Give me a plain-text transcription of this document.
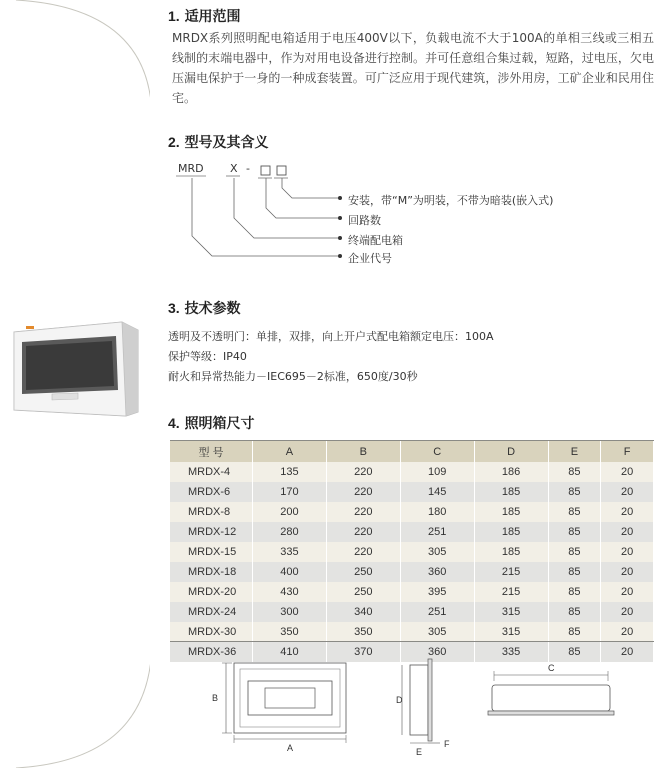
1. 适用范围
MRDX系列照明配电箱适用于电压400V以下，负载电流不大于100A的单相三线或三相五线制的末端电器中，作为对用电设备进行控制。并可任意组合集过载，短路，过电压，欠电压漏电保护于一身的一种成套装置。可广泛应用于现代建筑，涉外用房，工矿企业和民用住宅。
2. 型号及其含义
MRD X -
安装，带“M”为明装，不带为暗装(嵌入式)
回路数
终端配电箱
企业代号
3. 技术参数
透明及不透明门：单排，双排，向上开户式配电箱额定电压：100A
保护等级：IP40
耐火和异常热能力－IEC695－2标准，650度/30秒
4. 照明箱尺寸
型 号	A	B	C	D	E	F
MRDX-4	135	220	109	186	85	20
MRDX-6	170	220	145	185	85	20
MRDX-8	200	220	180	185	85	20
MRDX-12	280	220	251	185	85	20
MRDX-15	335	220	305	185	85	20
MRDX-18	400	250	360	215	85	20
MRDX-20	430	250	395	215	85	20
MRDX-24	300	340	251	315	85	20
MRDX-30	350	350	305	315	85	20
MRDX-36	410	370	360	335	85	20
B
A
D
E
F
C
